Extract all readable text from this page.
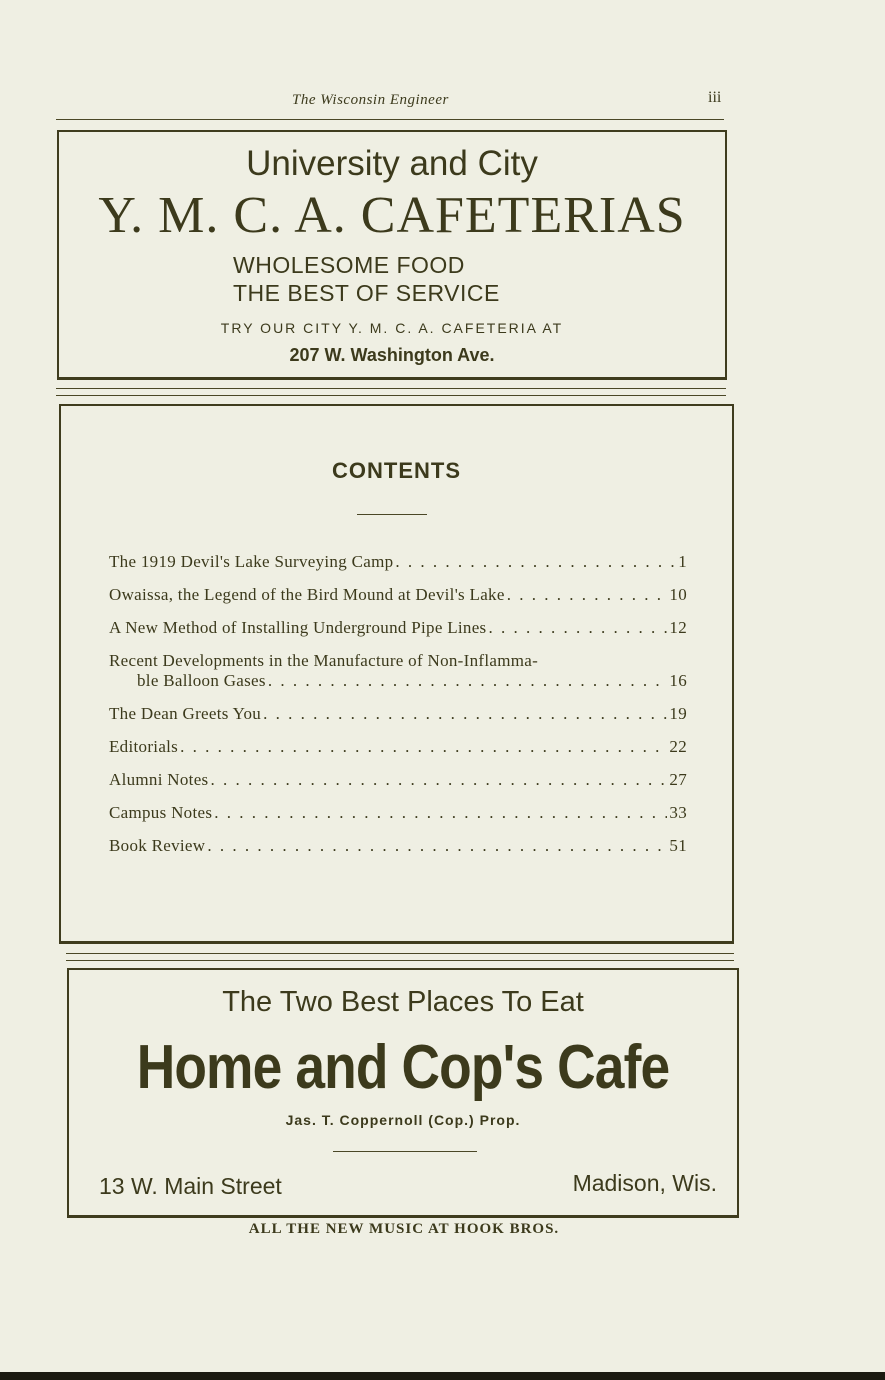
The Wisconsin Engineer	iii
University and City
Y. M. C. A. CAFETERIAS
WHOLESOME FOOD
THE BEST OF SERVICE
TRY OUR CITY Y. M. C. A. CAFETERIA AT
207 W. Washington Ave.
CONTENTS
The 1919 Devil's Lake Surveying Camp . . .	1
Owaissa, the Legend of the Bird Mound at Devil's Lake . . .	10
A New Method of Installing Underground Pipe Lines . . .	12
Recent Developments in the Manufacture of Non-Inflamma-
ble Balloon Gases . . .	16
The Dean Greets You . . .	19
Editorials . . .	22
Alumni Notes . . .	27
Campus Notes . . .	33
Book Review . . .	51
The Two Best Places To Eat
Home and Cop's Cafe
Jas. T. Coppernoll (Cop.) Prop.
13 W. Main Street	Madison, Wis.
ALL THE NEW MUSIC AT HOOK BROS.
